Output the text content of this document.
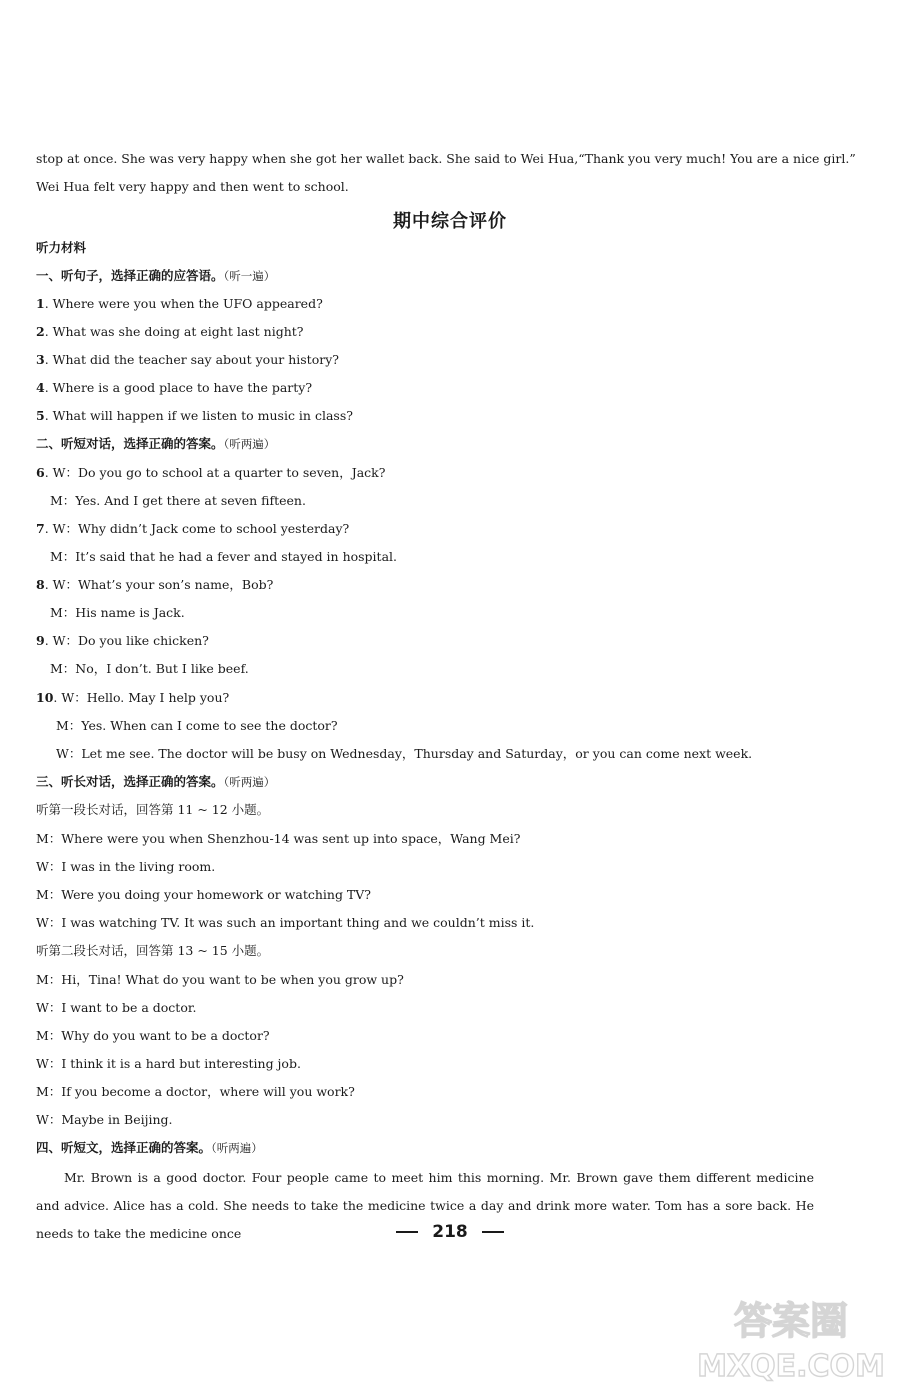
stop at once. She was very happy when she got her wallet back. She said to Wei Hua,“Thank you very much! You are a nice girl.”
Wei Hua felt very happy and then went to school.
期中综合评价
听力材料
一、听句子，选择正确的应答语。（听一遍）
1. Where were you when the UFO appeared?
2. What was she doing at eight last night?
3. What did the teacher say about your history?
4. Where is a good place to have the party?
5. What will happen if we listen to music in class?
二、听短对话，选择正确的答案。（听两遍）
6. W：Do you go to school at a quarter to seven，Jack?
M：Yes. And I get there at seven fifteen.
7. W：Why didn’t Jack come to school yesterday?
M：It’s said that he had a fever and stayed in hospital.
8. W：What’s your son’s name，Bob?
M：His name is Jack.
9. W：Do you like chicken?
M：No，I don’t. But I like beef.
10. W：Hello. May I help you?
M：Yes. When can I come to see the doctor?
W：Let me see. The doctor will be busy on Wednesday，Thursday and Saturday，or you can come next week.
三、听长对话，选择正确的答案。（听两遍）
听第一段长对话，回答第 11 ~ 12 小题。
M：Where were you when Shenzhou-14 was sent up into space，Wang Mei?
W：I was in the living room.
M：Were you doing your homework or watching TV?
W：I was watching TV. It was such an important thing and we couldn’t miss it.
听第二段长对话，回答第 13 ~ 15 小题。
M：Hi，Tina! What do you want to be when you grow up?
W：I want to be a doctor.
M：Why do you want to be a doctor?
W：I think it is a hard but interesting job.
M：If you become a doctor，where will you work?
W：Maybe in Beijing.
四、听短文，选择正确的答案。（听两遍）
Mr. Brown is a good doctor. Four people came to meet him this morning. Mr. Brown gave them different medicine and advice. Alice has a cold. She needs to take the medicine twice a day and drink more water. Tom has a sore back. He needs to take the medicine once	218
答案圈
MXQE.COM
